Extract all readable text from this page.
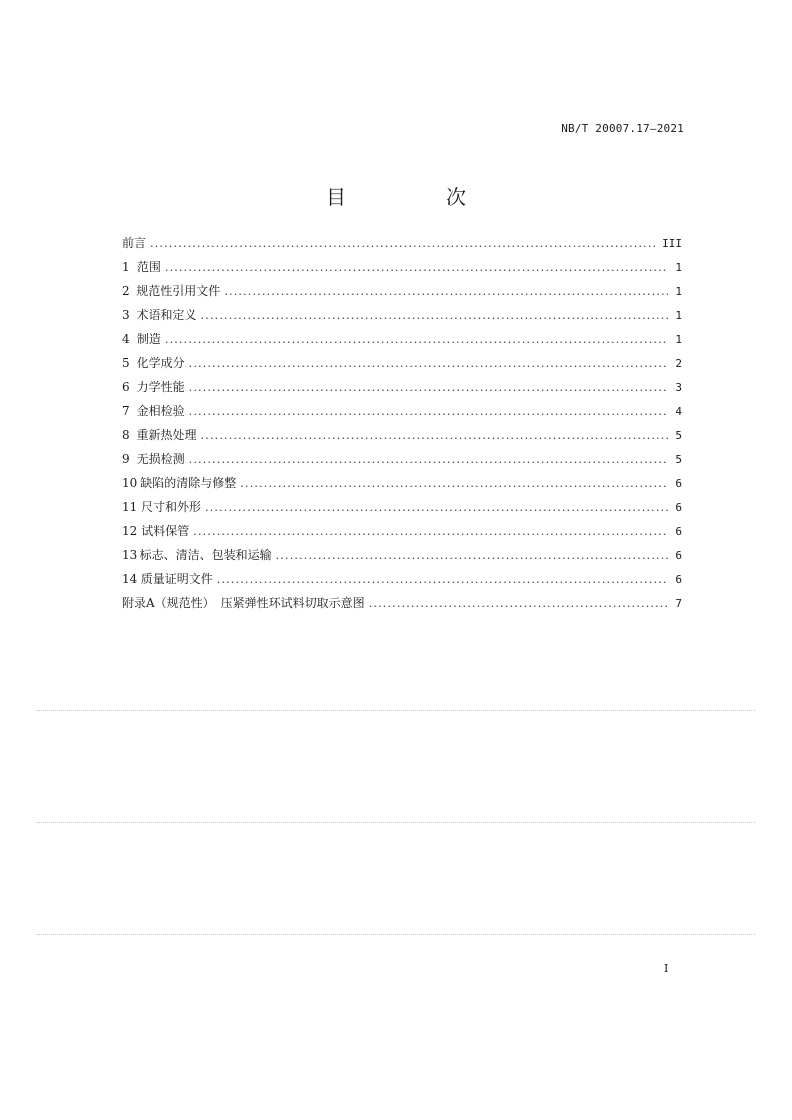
NB/T 20007.17—2021
目　次
前言 .....	III
1 范围 .....	1
2 规范性引用文件 .....	1
3 术语和定义 .....	1
4 制造 .....	1
5 化学成分 .....	2
6 力学性能 .....	3
7 金相检验 .....	4
8 重新热处理 .....	5
9 无损检测 .....	5
10 缺陷的清除与修整 .....	6
11 尺寸和外形 .....	6
12 试料保管 .....	6
13 标志、清洁、包装和运输 .....	6
14 质量证明文件 .....	6
附录A（规范性）　压紧弹性环试料切取示意图 .....	7
I
